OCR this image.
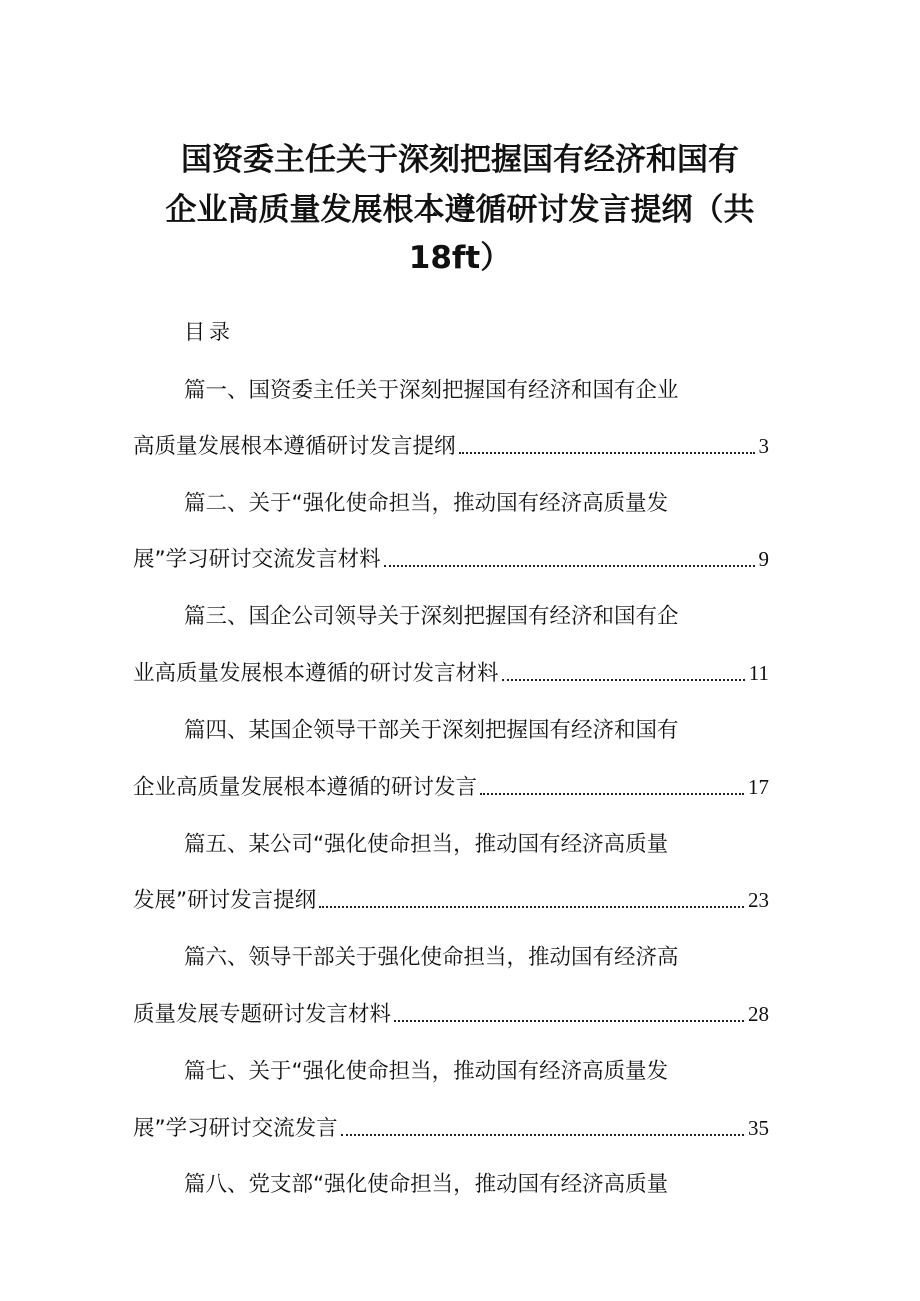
国资委主任关于深刻把握国有经济和国有
企业高质量发展根本遵循研讨发言提纲（共
18ft）
目录
篇一、国资委主任关于深刻把握国有经济和国有企业
高质量发展根本遵循研讨发言提纲	3
篇二、关于“强化使命担当，推动国有经济高质量发
展”学习研讨交流发言材料	9
篇三、国企公司领导关于深刻把握国有经济和国有企
业高质量发展根本遵循的研讨发言材料	11
篇四、某国企领导干部关于深刻把握国有经济和国有
企业高质量发展根本遵循的研讨发言	17
篇五、某公司“强化使命担当，推动国有经济高质量
发展”研讨发言提纲	23
篇六、领导干部关于强化使命担当，推动国有经济高
质量发展专题研讨发言材料	28
篇七、关于“强化使命担当，推动国有经济高质量发
展”学习研讨交流发言	35
篇八、党支部“强化使命担当，推动国有经济高质量
